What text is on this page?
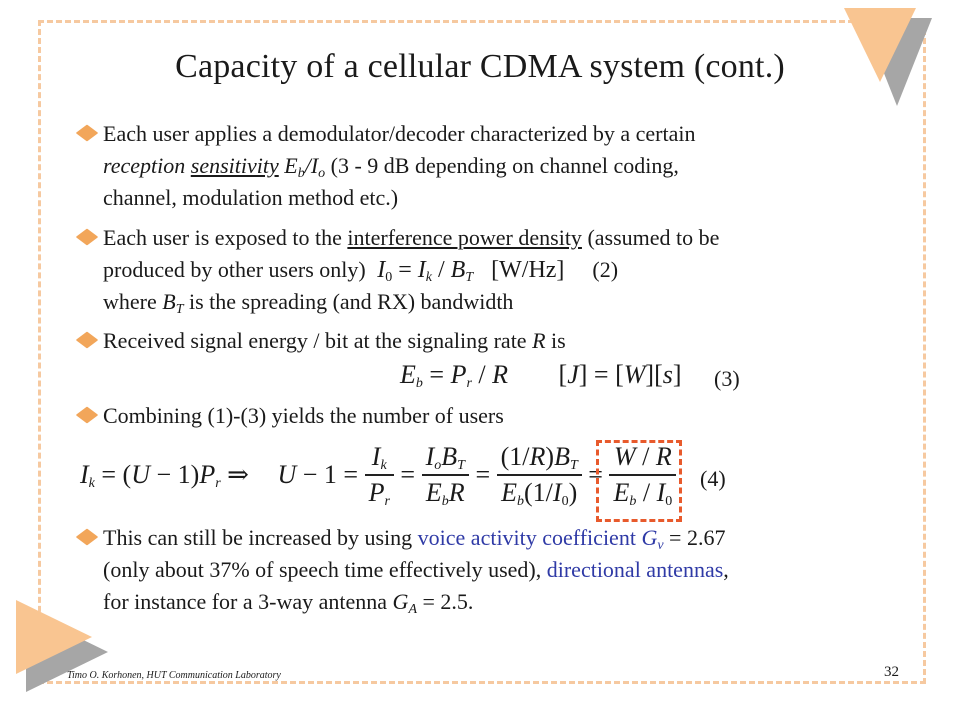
Capacity of a cellular CDMA system (cont.)
Each user applies a demodulator/decoder characterized by a certain
reception sensitivity $E_b/I_o$ (3 - 9 dB depending on channel coding,
channel, modulation method etc.)
Each user is exposed to the interference power density (assumed to be
produced by other users only) $I_0 = I_k / B_T$   [W/Hz] (2)
where $B_T$ is the spreading (and RX) bandwidth
Received signal energy / bit at the signaling rate R is
$E_b = P_r / R$ [J] = [W][s] (3)
Combining (1)-(3) yields the number of users
$I_k = (U - 1)P_r$ ⇒ $U - 1 = \frac{I_k}{P_r} = \frac{I_oB_T}{E_bR} = \frac{(1/R)B_T}{E_b(1/I_0)} = \frac{W / R}{E_b / I_0} (4)$
This can still be increased by using voice activity coefficient $G_v = 2.67$
(only about 37% of speech time effectively used), directional antennas,
for instance for a 3-way antenna $G_A = 2.5$.
Timo O. Korhonen, HUT Communication Laboratory	32
